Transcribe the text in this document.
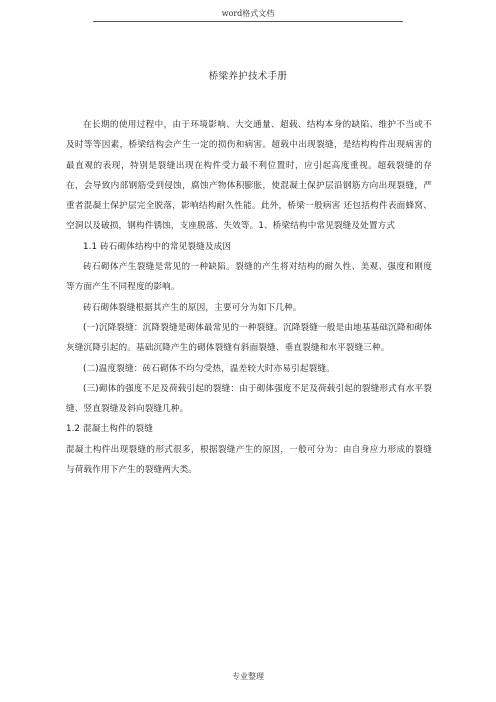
word格式文档
桥梁养护技术手册

在长期的使用过程中，由于环境影响、大交通量、超载、结构本身的缺陷、维护不当或不及时等等因素，桥梁结构会产生一定的损伤和病害。超载中出现裂缝，是结构构件出现病害的最直观的表现，特别是裂缝出现在构件受力最不利位置时，应引起高度重视。超载裂缝的存 在，会导致内部钢筋受到侵蚀，腐蚀产物体积膨胀，使混凝土保护层沿钢筋方向出现裂缝，严重者混凝土保护层完全脱落，影响结构耐久性能。此外，桥梁一般病害 还包括构件表面蜂窝、空洞以及破损，钢构件锈蚀，支座脱落、失效等。1、桥梁结构中常见裂缝及处置方式

1.1 砖石砌体结构中的常见裂缝及成因

砖石砌体产生裂缝是常见的一种缺陷。裂缝的产生将对结构的耐久性、美观、强度和刚度等方面产生不同程度的影响。

砖石砌体裂缝根据其产生的原因，主要可分为如下几种。

(一)沉降裂缝：沉降裂缝是砌体最常见的一种裂缝。沉降裂缝一般是由地基基础沉降和砌体灰缝沉降引起的。基础沉降产生的砌体裂缝有斜面裂缝、垂直裂缝和水平裂缝三种。

(二)温度裂缝：砖石砌体不均匀受热，温差较大时亦易引起裂缝。

(三)砌体的强度不足及荷载引起的裂缝：由于砌体强度不足及荷载引起的裂缝形式有水平裂缝、竖直裂缝及斜向裂缝几种。

1.2 混凝土构件的裂缝

混凝土构件出现裂缝的形式很多，根据裂缝产生的原因，一般可分为：由自身应力形成的裂缝与荷载作用下产生的裂缝两大类。

专业整理
